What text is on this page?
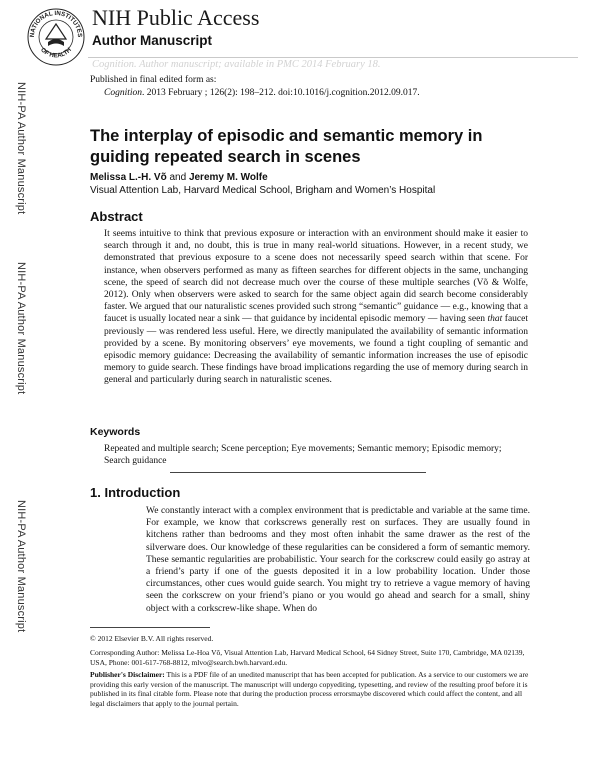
NATIONAL INSTITUTES
OF HEALTH
NIH Public Access
Author Manuscript
Cognition. Author manuscript; available in PMC 2014 February 18.
NIH-PA Author Manuscript
NIH-PA Author Manuscript
NIH-PA Author Manuscript
Published in final edited form as:
Cognition. 2013 February ; 126(2): 198–212. doi:10.1016/j.cognition.2012.09.017.
The interplay of episodic and semantic memory in guiding repeated search in scenes
Melissa L.-H. Võ and Jeremy M. Wolfe
Visual Attention Lab, Harvard Medical School, Brigham and Women’s Hospital
Abstract
It seems intuitive to think that previous exposure or interaction with an environment should make it easier to search through it and, no doubt, this is true in many real-world situations. However, in a recent study, we demonstrated that previous exposure to a scene does not necessarily speed search within that scene. For instance, when observers performed as many as fifteen searches for different objects in the same, unchanging scene, the speed of search did not decrease much over the course of these multiple searches (Võ & Wolfe, 2012). Only when observers were asked to search for the same object again did search become considerably faster. We argued that our naturalistic scenes provided such strong “semantic” guidance — e.g., knowing that a faucet is usually located near a sink — that guidance by incidental episodic memory — having seen that faucet previously — was rendered less useful. Here, we directly manipulated the availability of semantic information provided by a scene. By monitoring observers’ eye movements, we found a tight coupling of semantic and episodic memory guidance: Decreasing the availability of semantic information increases the use of episodic memory to guide search. These findings have broad implications regarding the use of memory during search in general and particularly during search in naturalistic scenes.
Keywords
Repeated and multiple search; Scene perception; Eye movements; Semantic memory; Episodic memory; Search guidance
1. Introduction
We constantly interact with a complex environment that is predictable and variable at the same time. For example, we know that corkscrews generally rest on surfaces. They are usually found in kitchens rather than bedrooms and they most often inhabit the same drawer as the rest of the silverware does. Our knowledge of these regularities can be considered a form of semantic memory. These semantic regularities are probabilistic. Your search for the corkscrew could easily go astray at a friend’s party if one of the guests deposited it in a low probability location. Under those circumstances, other cues would guide search. You might try to retrieve a vague memory of having seen the corkscrew on your friend’s piano or you would go ahead and search for a small, shiny object with a corkscrew-like shape. When do
© 2012 Elsevier B.V. All rights reserved.
Corresponding Author: Melissa Le-Hoa Võ, Visual Attention Lab, Harvard Medical School, 64 Sidney Street, Suite 170, Cambridge, MA 02139, USA, Phone: 001-617-768-8812, mlvo@search.bwh.harvard.edu.
Publisher's Disclaimer: This is a PDF file of an unedited manuscript that has been accepted for publication. As a service to our customers we are providing this early version of the manuscript. The manuscript will undergo copyediting, typesetting, and review of the resulting proof before it is published in its final citable form. Please note that during the production process errorsmaybe discovered which could affect the content, and all legal disclaimers that apply to the journal pertain.
